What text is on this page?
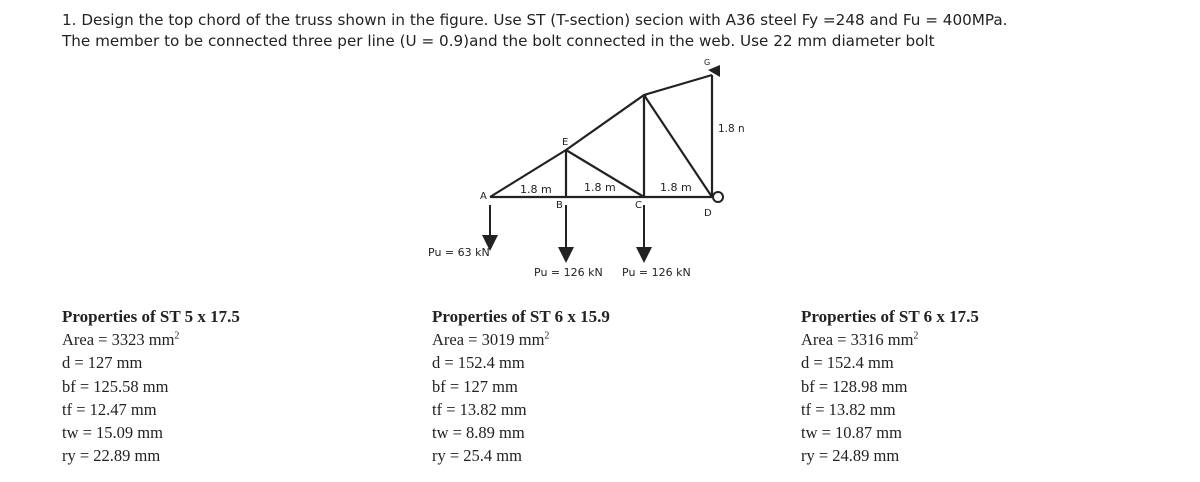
1. Design the top chord of the truss shown in the figure. Use ST (T-section) secion with A36 steel Fy =248 and Fu = 400MPa.
The member to be connected three per line (U = 0.9)and the bolt connected in the web. Use 22 mm diameter bolt
A
B	C
D
E
F
G
1.8 m	1.8 m	1.8 m
1.8 n
Pu = 63 kN
Pu = 126 kN Pu = 126 kN
Properties of ST 5 x 17.5
Area = 3323 $mm^2$
d = 127 mm
bf = 125.58 mm
tf = 12.47 mm
tw = 15.09 mm
ry = 22.89 mm
Properties of ST 6 x 15.9
Area = 3019 $mm^2$
d = 152.4 mm
bf = 127 mm
tf = 13.82 mm
tw = 8.89 mm
ry = 25.4 mm
Properties of ST 6 x 17.5
Area = 3316 $mm^2$
d = 152.4 mm
bf = 128.98 mm
tf = 13.82 mm
tw = 10.87 mm
ry = 24.89 mm
